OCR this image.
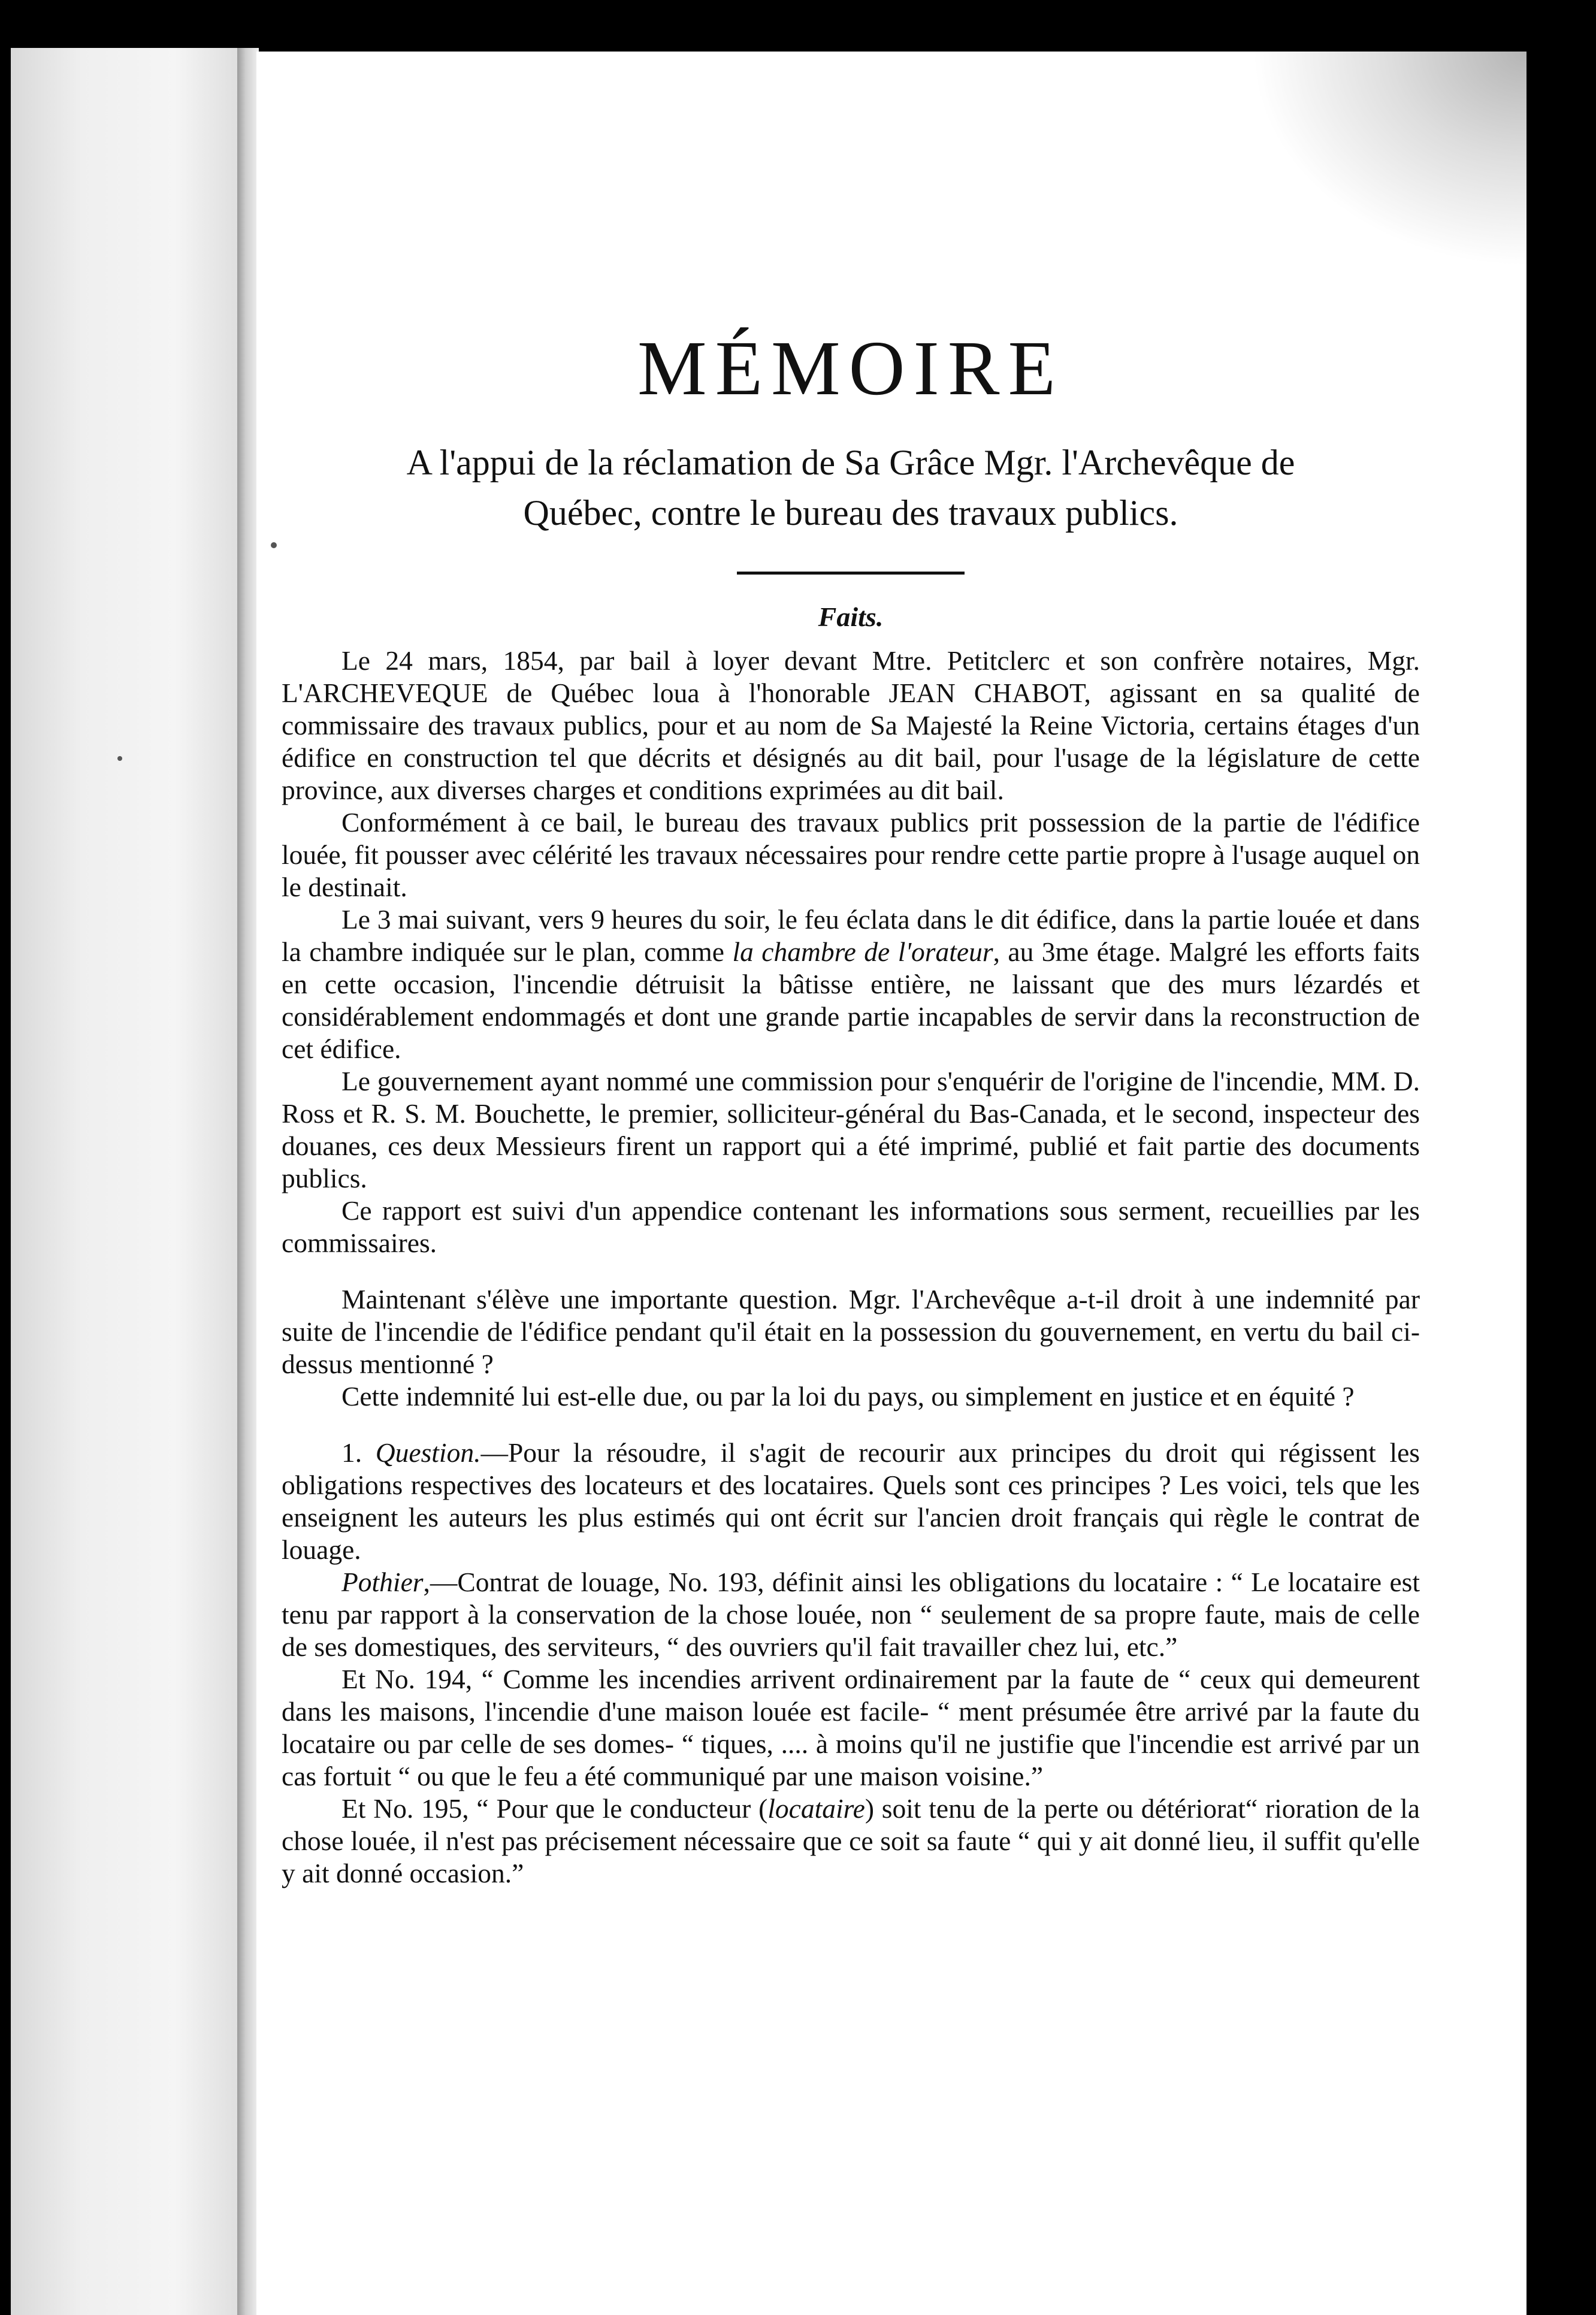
MÉMOIRE
A l'appui de la réclamation de Sa Grâce Mgr. l'Archevêque de
Québec, contre le bureau des travaux publics.
Faits.

Le 24 mars, 1854, par bail à loyer devant Mtre. Petitclerc et son confrère notaires, Mgr. L'ARCHEVEQUE de Québec loua à l'honorable JEAN CHABOT, agissant en sa qualité de commissaire des travaux publics, pour et au nom de Sa Majesté la Reine Victoria, certains étages d'un édifice en construction tel que décrits et désignés au dit bail, pour l'usage de la législature de cette province, aux diverses charges et conditions exprimées au dit bail.

Conformément à ce bail, le bureau des travaux publics prit possession de la partie de l'édifice louée, fit pousser avec célérité les travaux nécessaires pour rendre cette partie propre à l'usage auquel on le destinait.

Le 3 mai suivant, vers 9 heures du soir, le feu éclata dans le dit édifice, dans la partie louée et dans la chambre indiquée sur le plan, comme la chambre de l'orateur, au 3me étage. Malgré les efforts faits en cette occasion, l'incendie détruisit la bâtisse entière, ne laissant que des murs lézardés et considérablement endommagés et dont une grande partie incapables de servir dans la reconstruction de cet édifice.

Le gouvernement ayant nommé une commission pour s'enquérir de l'origine de l'incendie, MM. D. Ross et R. S. M. Bouchette, le premier, solliciteur-général du Bas-Canada, et le second, inspecteur des douanes, ces deux Messieurs firent un rapport qui a été imprimé, publié et fait partie des documents publics.

Ce rapport est suivi d'un appendice contenant les informations sous serment, recueillies par les commissaires.

Maintenant s'élève une importante question. Mgr. l'Archevêque a-t-il droit à une indemnité par suite de l'incendie de l'édifice pendant qu'il était en la possession du gouvernement, en vertu du bail ci-dessus mentionné ?

Cette indemnité lui est-elle due, ou par la loi du pays, ou simplement en justice et en équité ?

1. Question.—Pour la résoudre, il s'agit de recourir aux principes du droit qui régissent les obligations respectives des locateurs et des locataires. Quels sont ces principes ? Les voici, tels que les enseignent les auteurs les plus estimés qui ont écrit sur l'ancien droit français qui règle le contrat de louage.

Pothier,—Contrat de louage, No. 193, définit ainsi les obligations du locataire : “ Le locataire est tenu par rapport à la conservation de la chose louée, non “ seulement de sa propre faute, mais de celle de ses domestiques, des serviteurs, “ des ouvriers qu'il fait travailler chez lui, etc.”

Et No. 194, “ Comme les incendies arrivent ordinairement par la faute de “ ceux qui demeurent dans les maisons, l'incendie d'une maison louée est facile- “ ment présumée être arrivé par la faute du locataire ou par celle de ses domes- “ tiques, .... à moins qu'il ne justifie que l'incendie est arrivé par un cas fortuit “ ou que le feu a été communiqué par une maison voisine.”

Et No. 195, “ Pour que le conducteur (locataire) soit tenu de la perte ou détériorat“ rioration de la chose louée, il n'est pas précisement nécessaire que ce soit sa faute “ qui y ait donné lieu, il suffit qu'elle y ait donné occasion.”
